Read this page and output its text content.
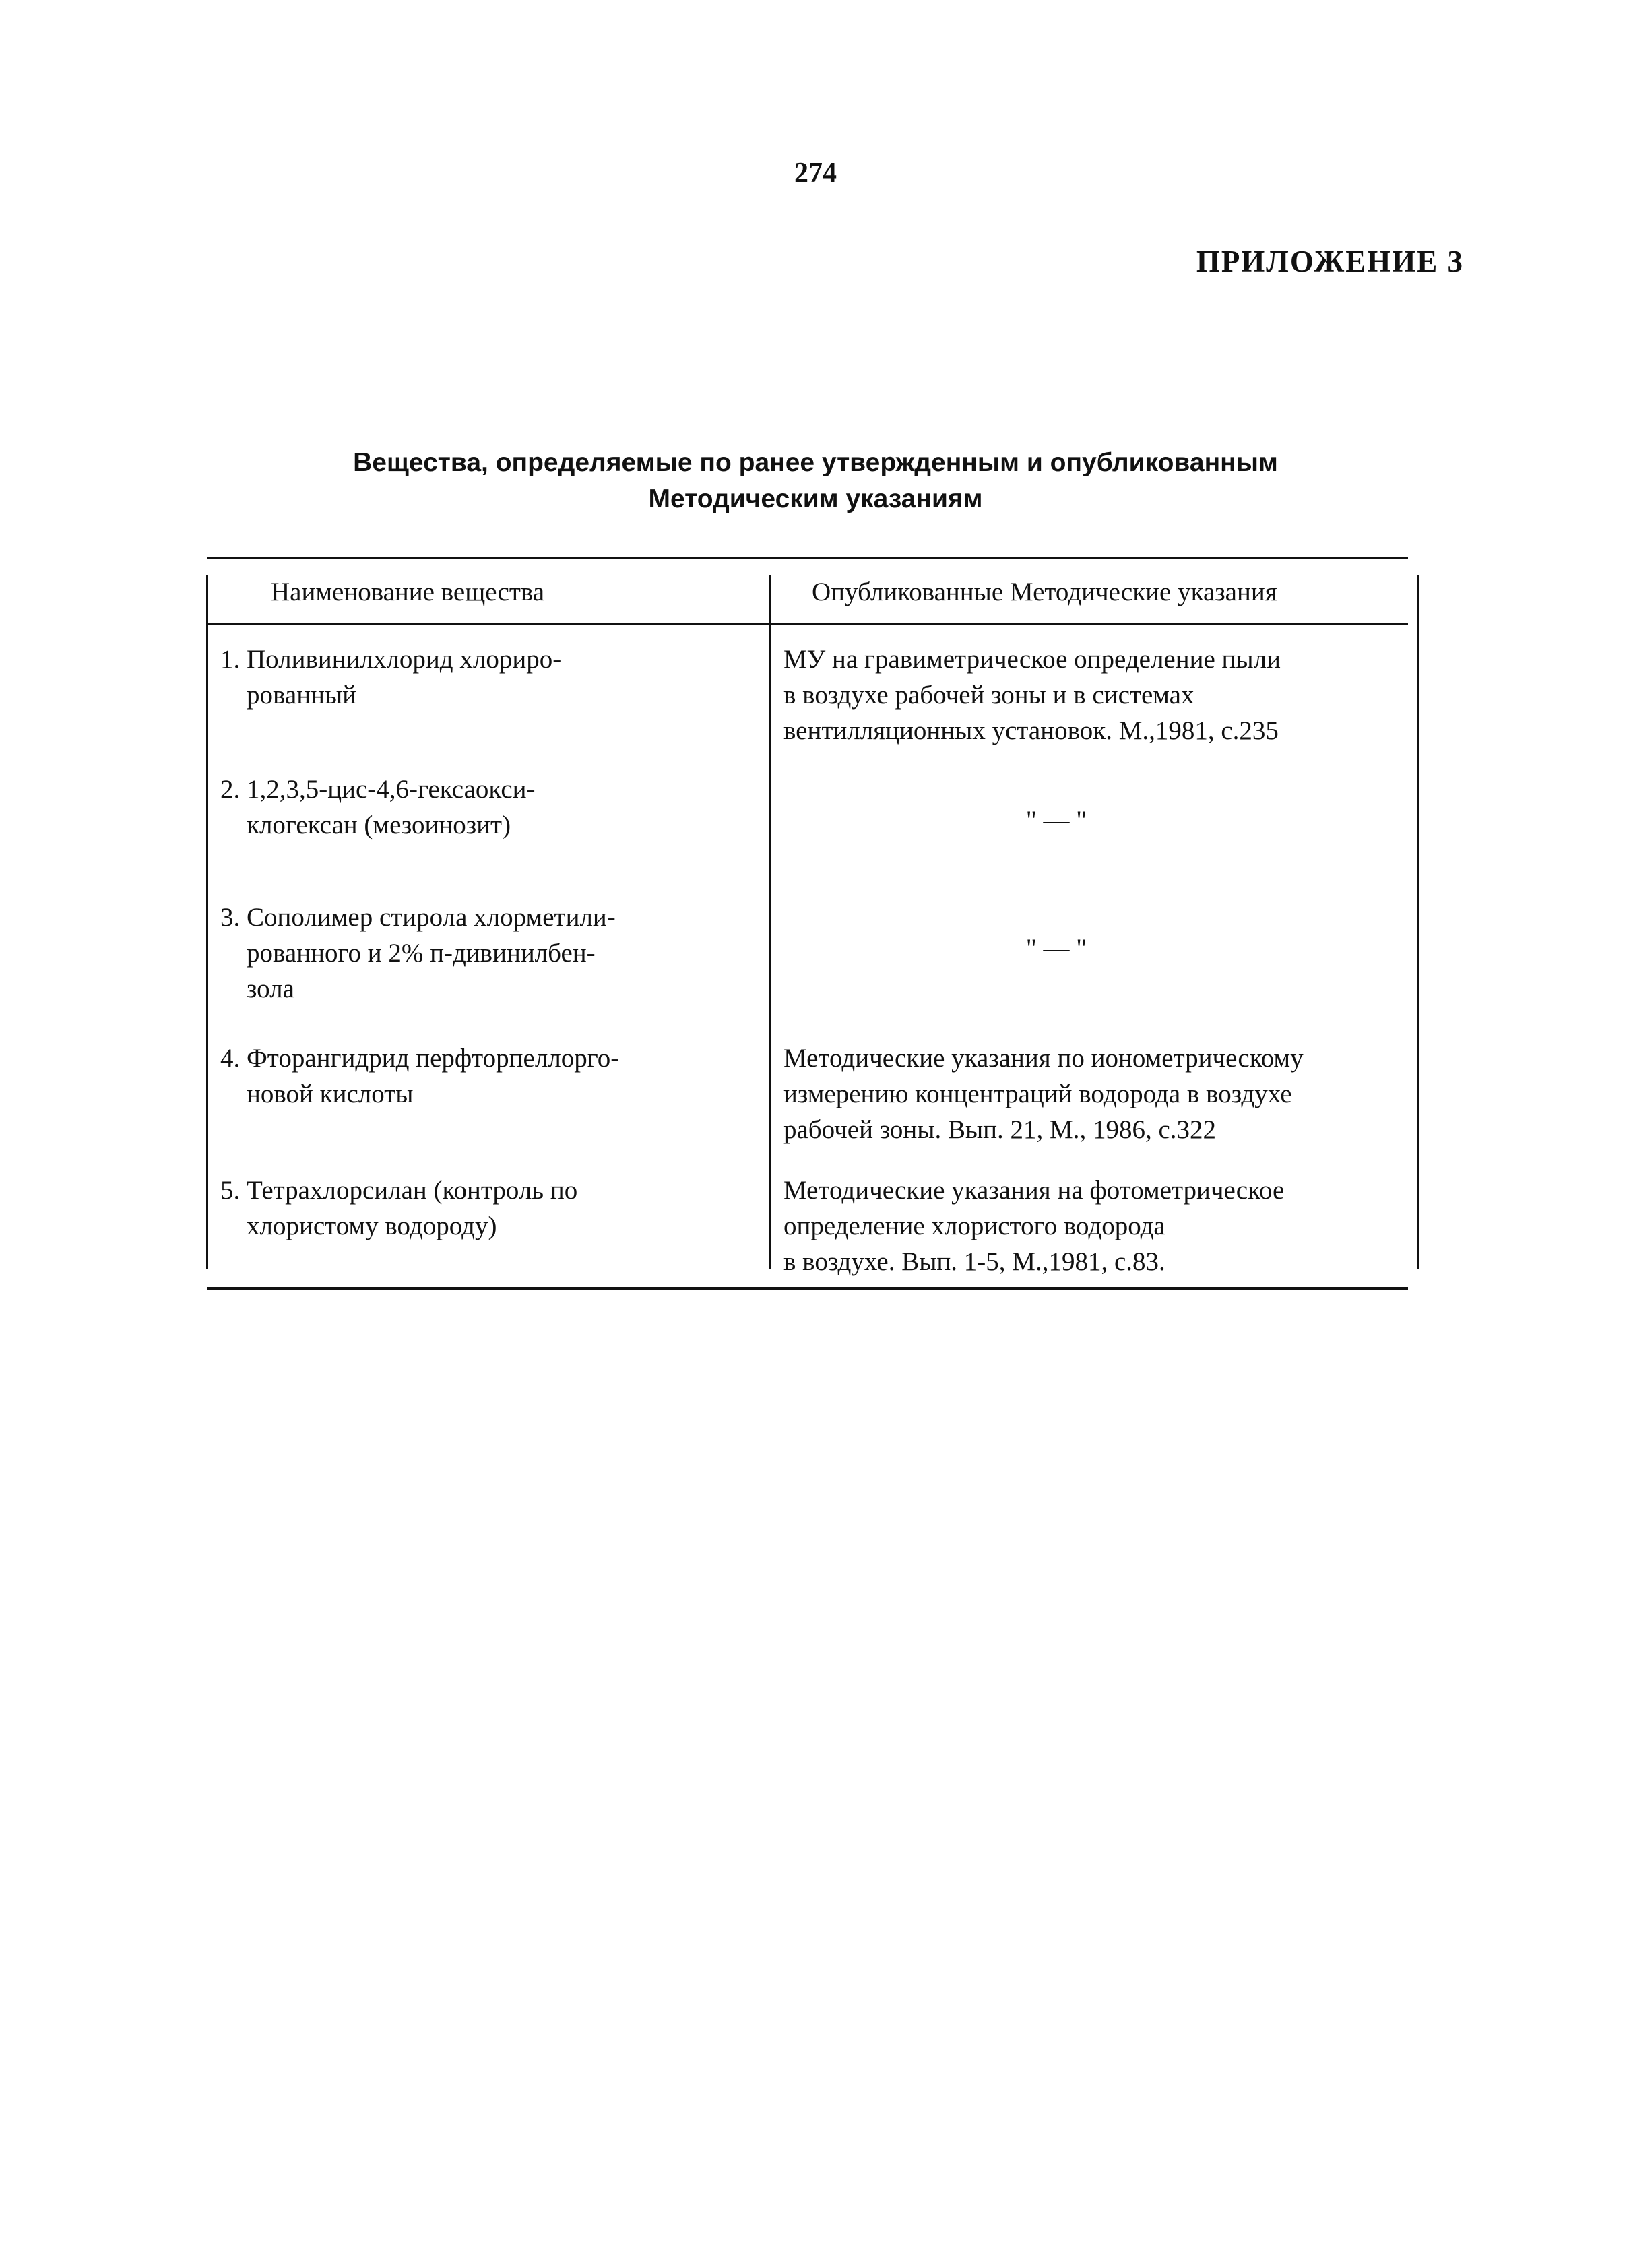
274
ПРИЛОЖЕНИЕ 3
Вещества, определяемые по ранее утвержденным и опубликованным
Методическим указаниям
Наименование вещества	Опубликованные Методические указания
1. Поливинилхлорид хлориро-
рованный
МУ на гравиметрическое определение пыли
в воздухе рабочей зоны и в системах
вентилляционных установок. М.,1981, с.235
2. 1,2,3,5-цис-4,6-гексаокси-
клогексан (мезоинозит)	" — "
3. Сополимер стирола хлорметили-
рованного и 2% п-дивинилбен-
зола
" — "
4. Фторангидрид перфторпеллорго-
новой кислоты
Методические указания по ионометрическому
измерению концентраций водорода в воздухе
рабочей зоны. Вып. 21, М., 1986, с.322
5. Тетрахлорсилан (контроль по
хлористому водороду)
Методические указания на фотометрическое
определение хлористого водорода
в воздухе. Вып. 1-5, М.,1981, с.83.
